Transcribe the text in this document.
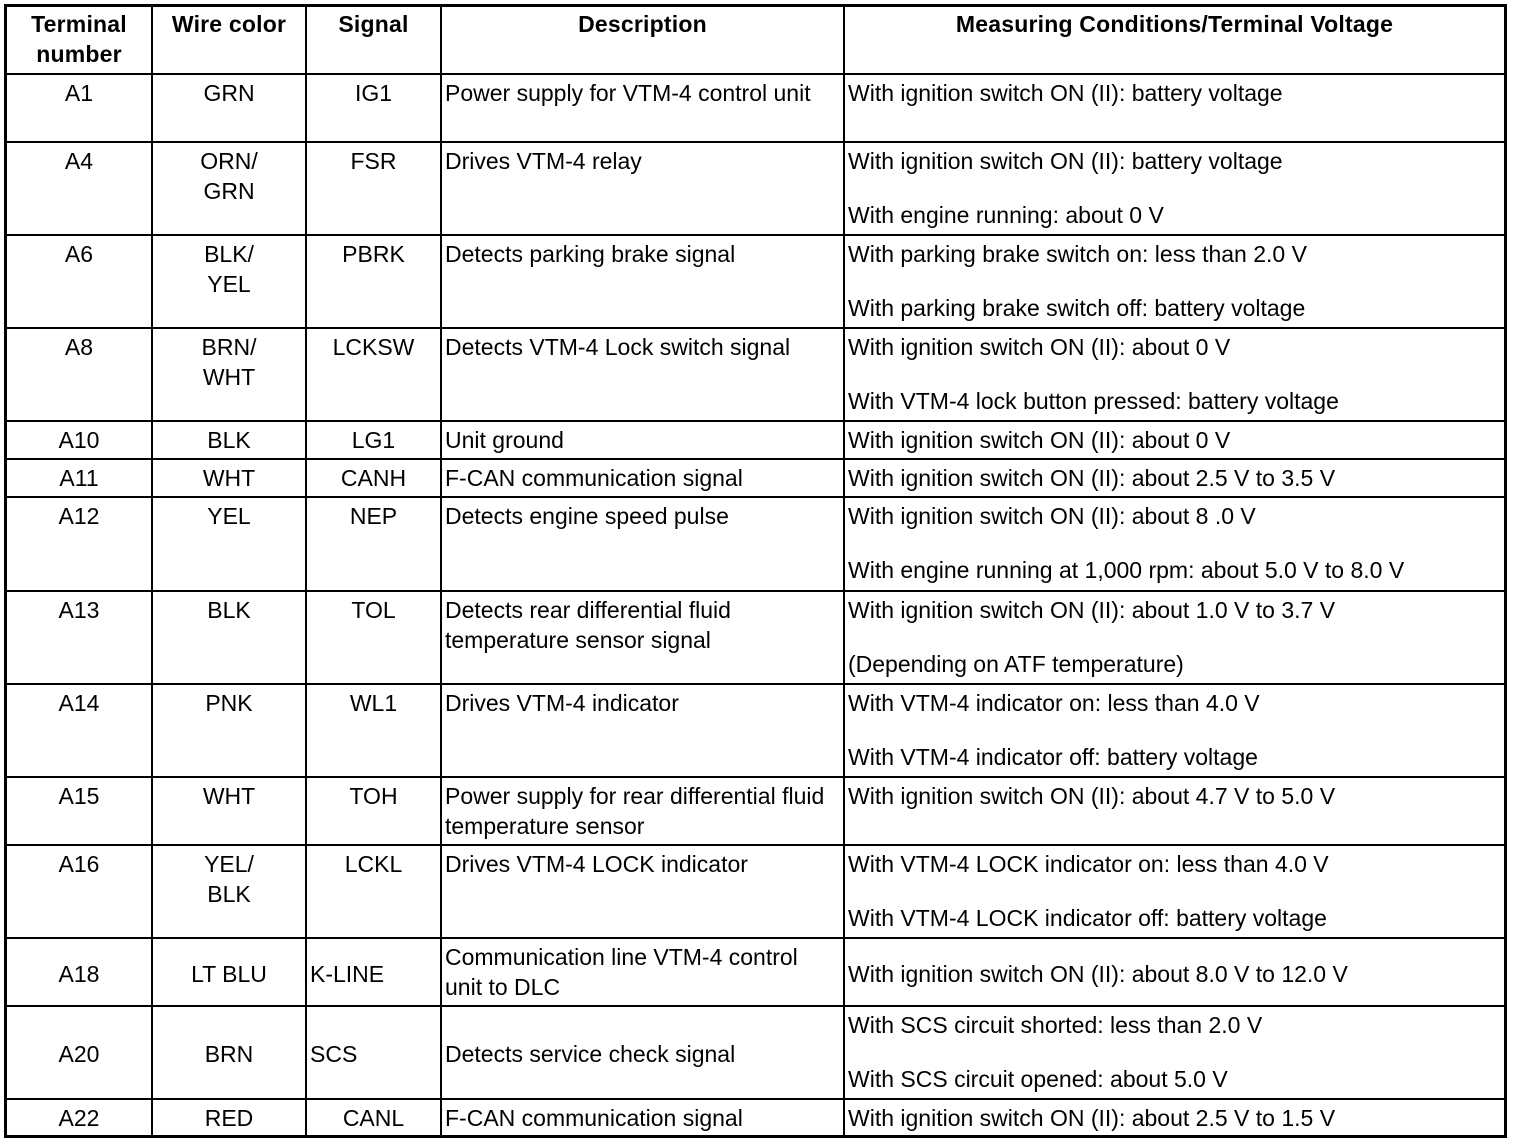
Terminal
number	Wire color	Signal	Description	Measuring Conditions/Terminal Voltage
A1	GRN	IG1	Power supply for VTM-4 control unit	With ignition switch ON (II): battery voltage

A4	ORN/ GRN	FSR	Drives VTM-4 relay	With ignition switch ON (II): battery voltage
With engine running: about 0 V

A6	BLK/ YEL	PBRK	Detects parking brake signal	With parking brake switch on: less than 2.0 V
With parking brake switch off: battery voltage

A8	BRN/ WHT	LCKSW	Detects VTM-4 Lock switch signal	With ignition switch ON (II): about 0 V
With VTM-4 lock button pressed: battery voltage

A10	BLK	LG1	Unit ground	With ignition switch ON (II): about 0 V

A11	WHT	CANH	F-CAN communication signal	With ignition switch ON (II): about 2.5 V to 3.5 V

A12	YEL	NEP	Detects engine speed pulse	With ignition switch ON (II): about 8 .0 V
With engine running at 1,000 rpm: about 5.0 V to 8.0 V

A13	BLK	TOL	Detects rear differential fluid temperature sensor signal	With ignition switch ON (II): about 1.0 V to 3.7 V
(Depending on ATF temperature)

A14	PNK	WL1	Drives VTM-4 indicator	With VTM-4 indicator on: less than 4.0 V
With VTM-4 indicator off: battery voltage

A15	WHT	TOH	Power supply for rear differential fluid temperature sensor	With ignition switch ON (II): about 4.7 V to 5.0 V

A16	YEL/ BLK	LCKL	Drives VTM-4 LOCK indicator	With VTM-4 LOCK indicator on: less than 4.0 V
With VTM-4 LOCK indicator off: battery voltage

A18	LT BLU	K-LINE	Communication line VTM-4 control unit to DLC	With ignition switch ON (II): about 8.0 V to 12.0 V

A20	BRN	SCS	Detects service check signal	With SCS circuit shorted: less than 2.0 V
With SCS circuit opened: about 5.0 V

A22	RED	CANL	F-CAN communication signal	With ignition switch ON (II): about 2.5 V to 1.5 V
